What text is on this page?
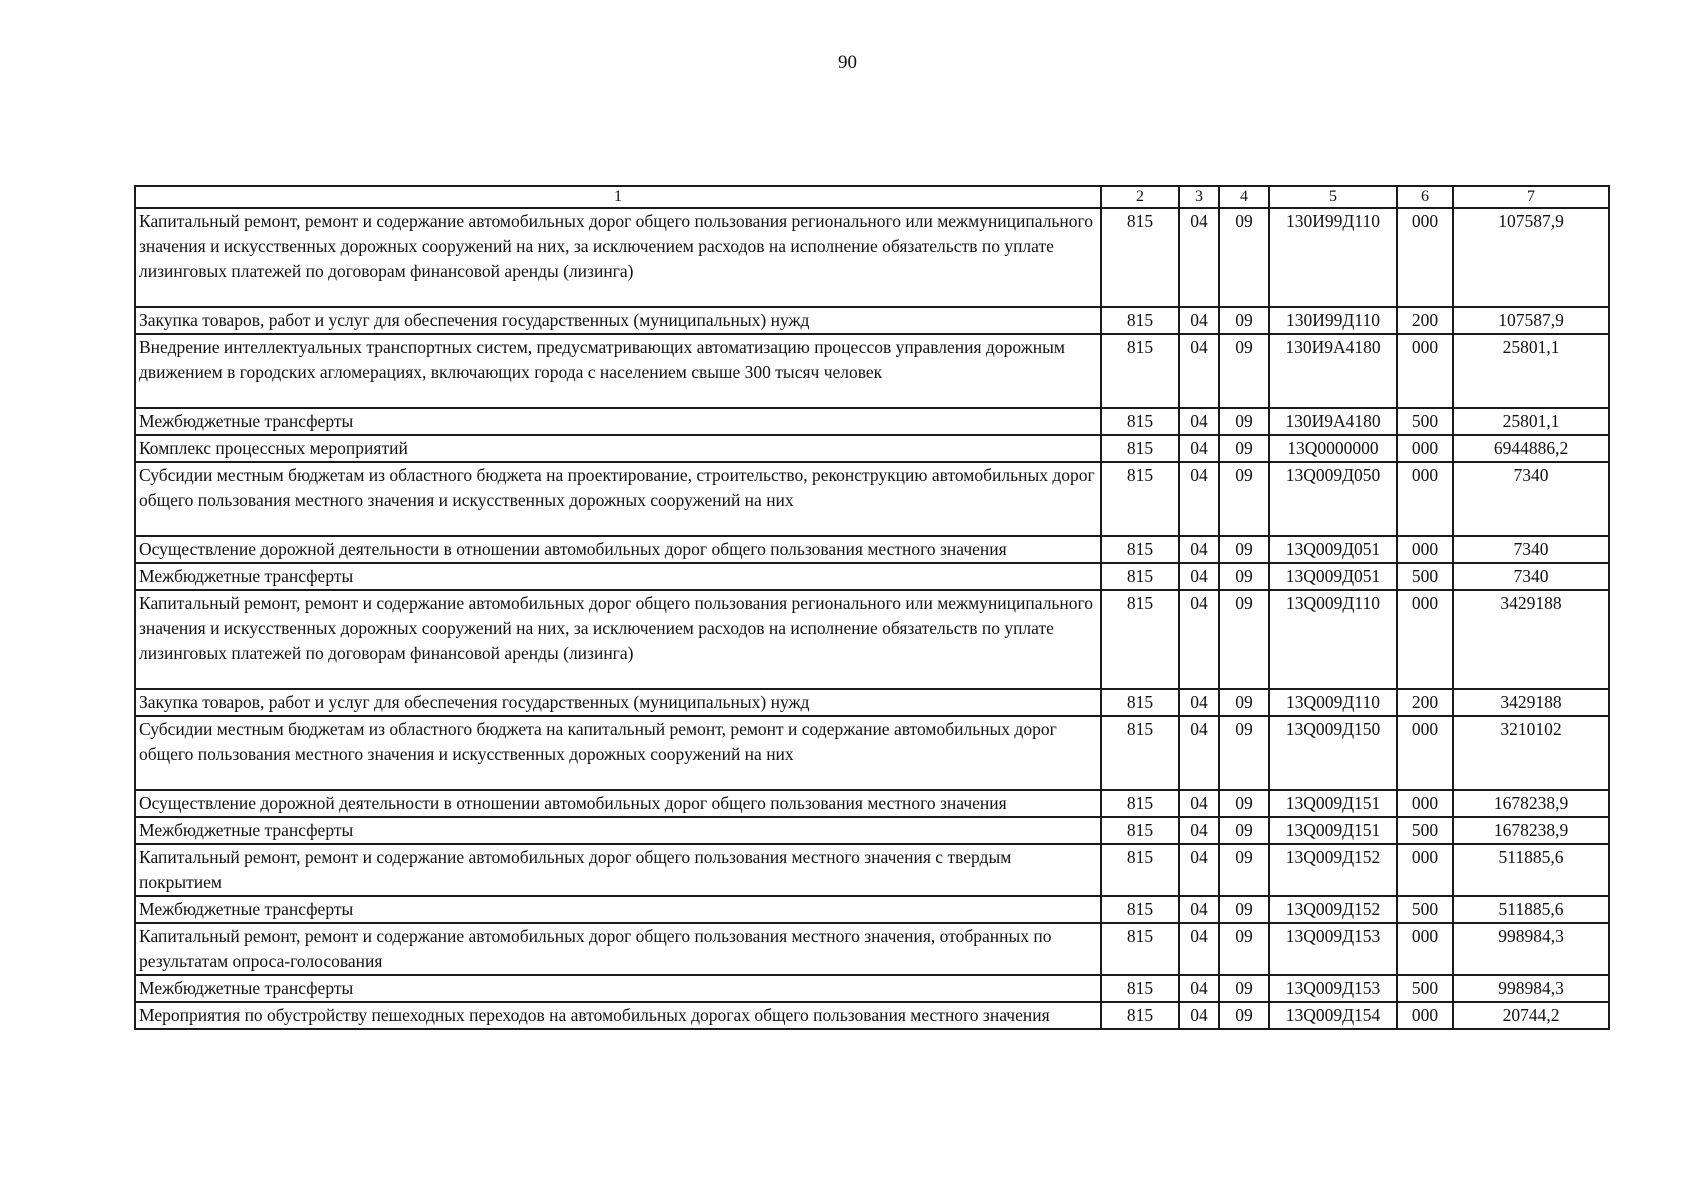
90
1	2	3	4	5	6	7
Капитальный ремонт, ремонт и содержание автомобильных дорог общего пользования регионального или межмуниципального значения и искусственных дорожных сооружений на них, за исключением расходов на исполнение обязательств по уплате лизинговых платежей по договорам финансовой аренды (лизинга)	815	04	09	130И99Д110	000	107587,9
Закупка товаров, работ и услуг для обеспечения государственных (муниципальных) нужд	815	04	09	130И99Д110	200	107587,9
Внедрение интеллектуальных транспортных систем, предусматривающих автоматизацию процессов управления дорожным движением в городских агломерациях, включающих города с населением свыше 300 тысяч человек	815	04	09	130И9А4180	000	25801,1
Межбюджетные трансферты	815	04	09	130И9А4180	500	25801,1
Комплекс процессных мероприятий	815	04	09	13Q0000000	000	6944886,2
Субсидии местным бюджетам из областного бюджета на проектирование, строительство, реконструкцию автомобильных дорог общего пользования местного значения и искусственных дорожных сооружений на них	815	04	09	13Q009Д050	000	7340
Осуществление дорожной деятельности в отношении автомобильных дорог общего пользования местного значения	815	04	09	13Q009Д051	000	7340
Межбюджетные трансферты	815	04	09	13Q009Д051	500	7340
Капитальный ремонт, ремонт и содержание автомобильных дорог общего пользования регионального или межмуниципального значения и искусственных дорожных сооружений на них, за исключением расходов на исполнение обязательств по уплате лизинговых платежей по договорам финансовой аренды (лизинга)	815	04	09	13Q009Д110	000	3429188
Закупка товаров, работ и услуг для обеспечения государственных (муниципальных) нужд	815	04	09	13Q009Д110	200	3429188
Субсидии местным бюджетам из областного бюджета на капитальный ремонт, ремонт и содержание автомобильных дорог общего пользования местного значения и искусственных дорожных сооружений на них	815	04	09	13Q009Д150	000	3210102
Осуществление дорожной деятельности в отношении автомобильных дорог общего пользования местного значения	815	04	09	13Q009Д151	000	1678238,9
Межбюджетные трансферты	815	04	09	13Q009Д151	500	1678238,9
Капитальный ремонт, ремонт и содержание автомобильных дорог общего пользования местного значения с твердым покрытием	815	04	09	13Q009Д152	000	511885,6
Межбюджетные трансферты	815	04	09	13Q009Д152	500	511885,6
Капитальный ремонт, ремонт и содержание автомобильных дорог общего пользования местного значения, отобранных по результатам опроса-голосования	815	04	09	13Q009Д153	000	998984,3
Межбюджетные трансферты	815	04	09	13Q009Д153	500	998984,3
Мероприятия по обустройству пешеходных переходов на автомобильных дорогах общего пользования местного значения	815	04	09	13Q009Д154	000	20744,2
